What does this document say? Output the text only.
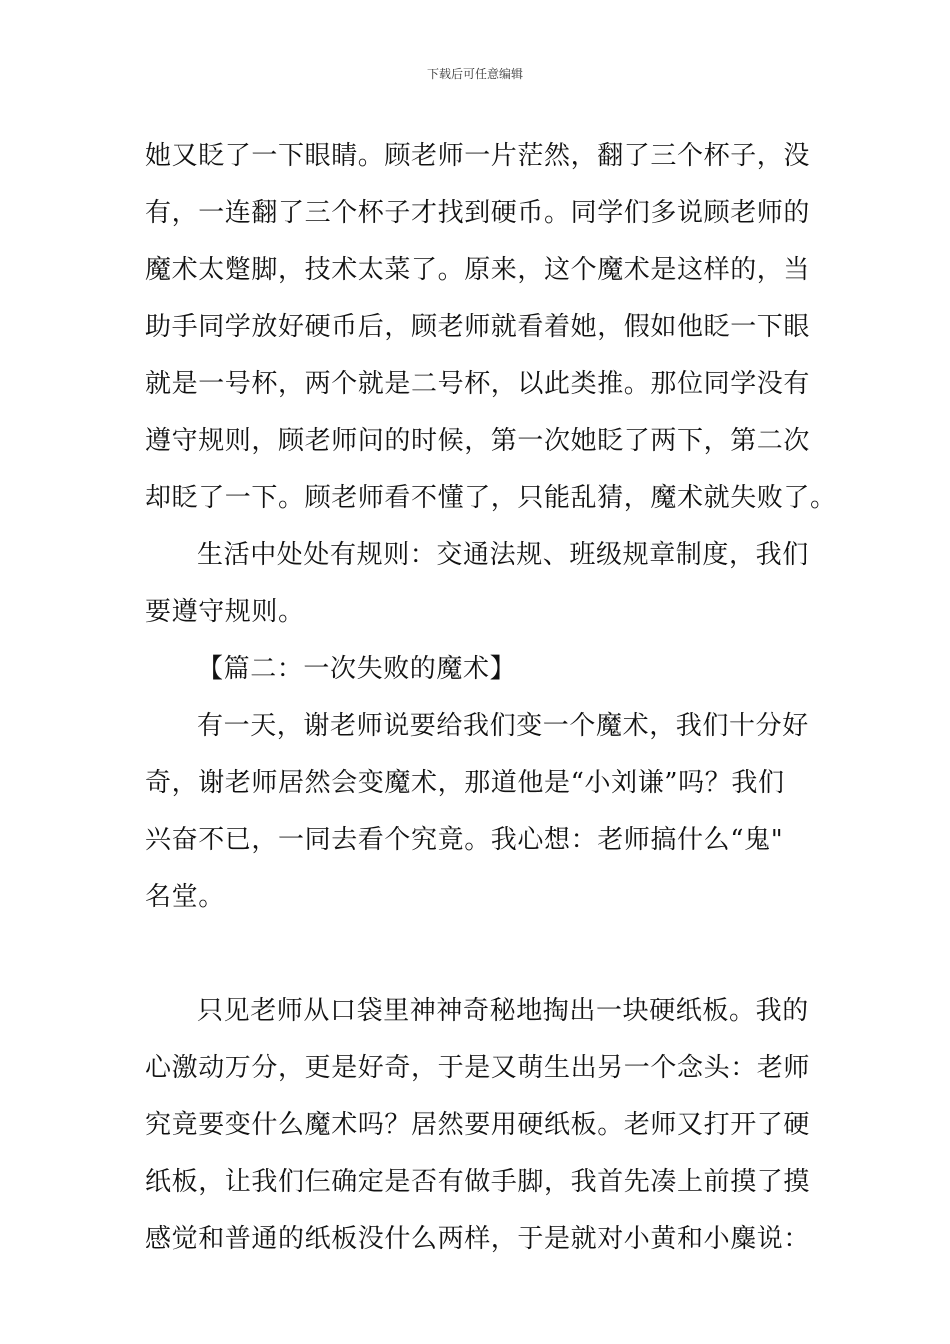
下载后可任意编辑
她又眨了一下眼睛。顾老师一片茫然，翻了三个杯子，没
有，一连翻了三个杯子才找到硬币。同学们多说顾老师的
魔术太蹩脚，技术太菜了。原来，这个魔术是这样的，当
助手同学放好硬币后，顾老师就看着她，假如他眨一下眼
就是一号杯，两个就是二号杯，以此类推。那位同学没有
遵守规则，顾老师问的时候，第一次她眨了两下，第二次
却眨了一下。顾老师看不懂了，只能乱猜，魔术就失败了。
生活中处处有规则：交通法规、班级规章制度，我们
要遵守规则。
【篇二：一次失败的魔术】
有一天，谢老师说要给我们变一个魔术，我们十分好
奇，谢老师居然会变魔术，那道他是“小刘谦”吗？我们
兴奋不已，一同去看个究竟。我心想：老师搞什么“鬼"
名堂。
只见老师从口袋里神神奇秘地掏出一块硬纸板。我的
心激动万分，更是好奇，于是又萌生出另一个念头：老师
究竟要变什么魔术吗？居然要用硬纸板。老师又打开了硬
纸板，让我们仨确定是否有做手脚，我首先凑上前摸了摸
感觉和普通的纸板没什么两样，于是就对小黄和小麋说：
